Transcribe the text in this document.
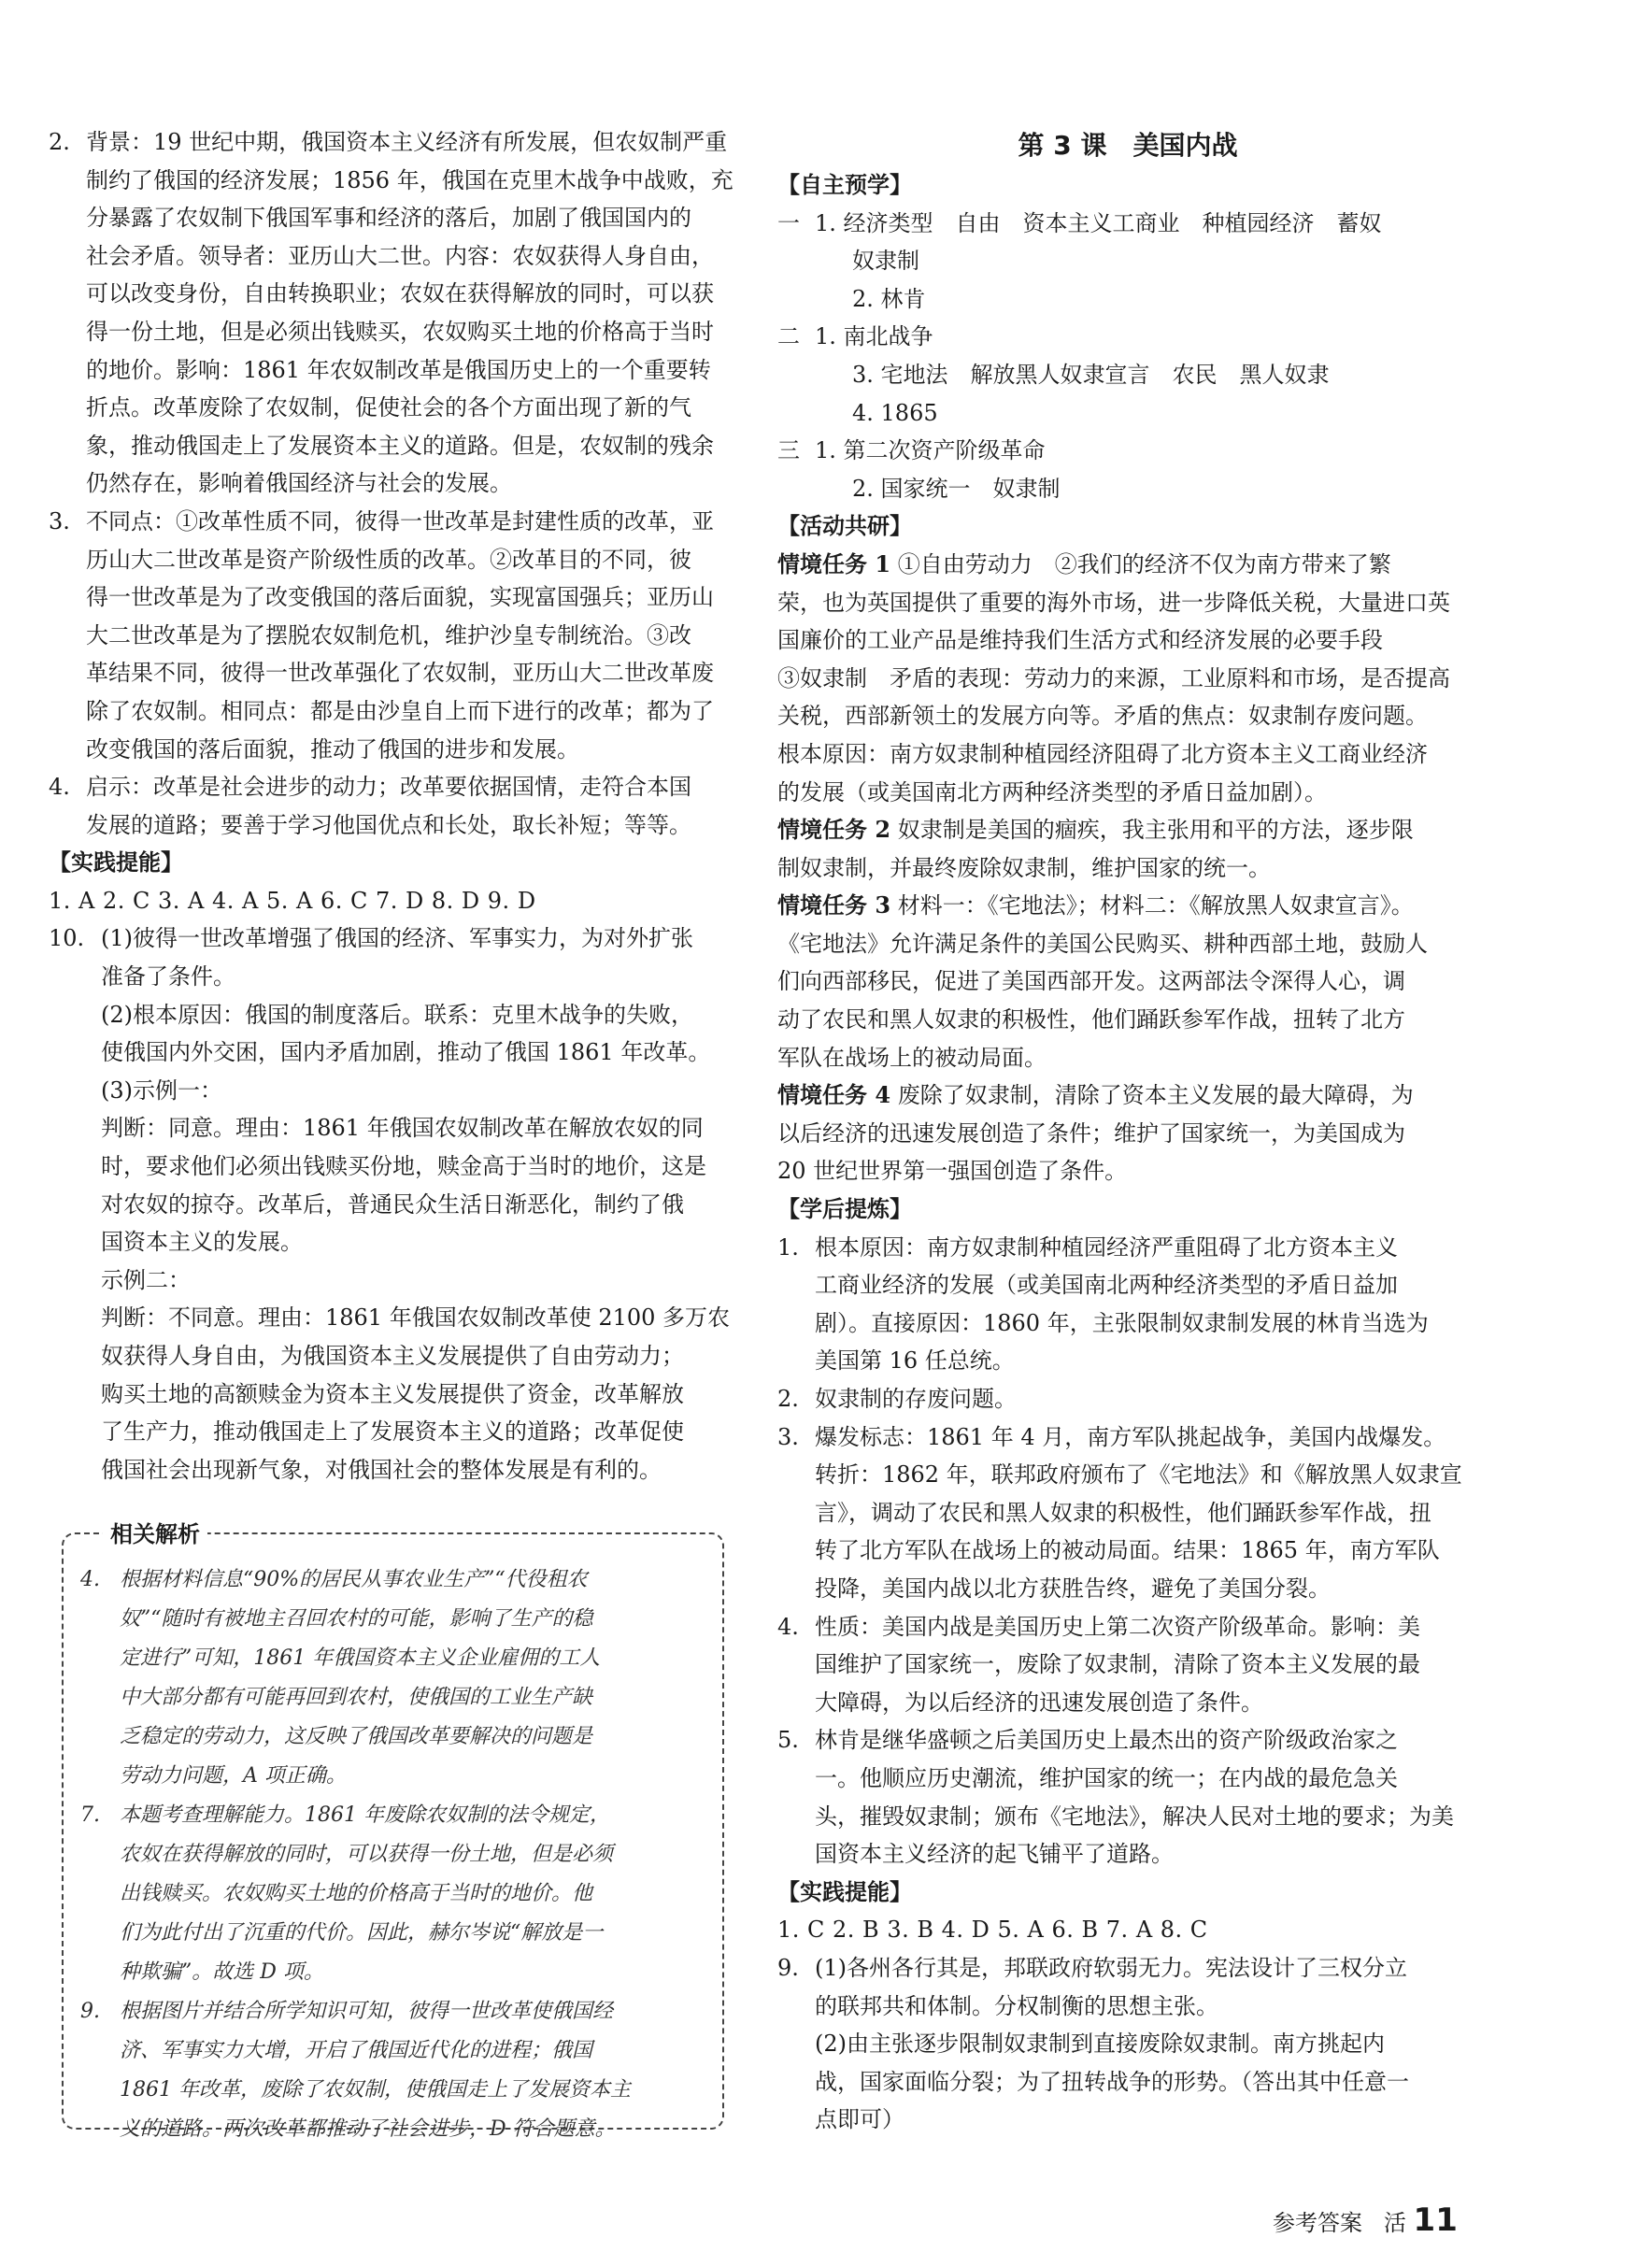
2. 背景：19 世纪中期，俄国资本主义经济有所发展，但农奴制严重

制约了俄国的经济发展；1856 年，俄国在克里木战争中战败，充

分暴露了农奴制下俄国军事和经济的落后，加剧了俄国国内的

社会矛盾。领导者：亚历山大二世。内容：农奴获得人身自由，

可以改变身份，自由转换职业；农奴在获得解放的同时，可以获

得一份土地，但是必须出钱赎买，农奴购买土地的价格高于当时

的地价。影响：1861 年农奴制改革是俄国历史上的一个重要转

折点。改革废除了农奴制，促使社会的各个方面出现了新的气

象，推动俄国走上了发展资本主义的道路。但是，农奴制的残余

仍然存在，影响着俄国经济与社会的发展。

3. 不同点：①改革性质不同，彼得一世改革是封建性质的改革，亚

历山大二世改革是资产阶级性质的改革。②改革目的不同，彼

得一世改革是为了改变俄国的落后面貌，实现富国强兵；亚历山

大二世改革是为了摆脱农奴制危机，维护沙皇专制统治。③改

革结果不同，彼得一世改革强化了农奴制，亚历山大二世改革废

除了农奴制。相同点：都是由沙皇自上而下进行的改革；都为了

改变俄国的落后面貌，推动了俄国的进步和发展。

4. 启示：改革是社会进步的动力；改革要依据国情，走符合本国

发展的道路；要善于学习他国优点和长处，取长补短；等等。

【实践提能】

1. A 2. C 3. A 4. A 5. A 6. C 7. D 8. D 9. D

10. (1)彼得一世改革增强了俄国的经济、军事实力，为对外扩张

准备了条件。

(2)根本原因：俄国的制度落后。联系：克里木战争的失败，

使俄国内外交困，国内矛盾加剧，推动了俄国 1861 年改革。

(3)示例一：

判断：同意。理由：1861 年俄国农奴制改革在解放农奴的同

时，要求他们必须出钱赎买份地，赎金高于当时的地价，这是

对农奴的掠夺。改革后，普通民众生活日渐恶化，制约了俄

国资本主义的发展。

示例二：

判断：不同意。理由：1861 年俄国农奴制改革使 2100 多万农

奴获得人身自由，为俄国资本主义发展提供了自由劳动力；

购买土地的高额赎金为资本主义发展提供了资金，改革解放

了生产力，推动俄国走上了发展资本主义的道路；改革促使

俄国社会出现新气象，对俄国社会的整体发展是有利的。

相关解析
4. 根据材料信息“90%的居民从事农业生产”“代役租农

奴”“随时有被地主召回农村的可能，影响了生产的稳

定进行”可知，1861 年俄国资本主义企业雇佣的工人

中大部分都有可能再回到农村，使俄国的工业生产缺

乏稳定的劳动力，这反映了俄国改革要解决的问题是

劳动力问题，A 项正确。

7. 本题考查理解能力。1861 年废除农奴制的法令规定，

农奴在获得解放的同时，可以获得一份土地，但是必须

出钱赎买。农奴购买土地的价格高于当时的地价。他

们为此付出了沉重的代价。因此，赫尔岑说“解放是一

种欺骗”。故选 D 项。

9. 根据图片并结合所学知识可知，彼得一世改革使俄国经

济、军事实力大增，开启了俄国近代化的进程；俄国

1861 年改革，废除了农奴制，使俄国走上了发展资本主

义的道路。两次改革都推动了社会进步，D 符合题意。

第 3 课　美国内战

【自主预学】

一 1. 经济类型　自由　资本主义工商业　种植园经济　蓄奴

奴隶制

2. 林肯

二 1. 南北战争

3. 宅地法　解放黑人奴隶宣言　农民　黑人奴隶

4. 1865

三 1. 第二次资产阶级革命

2. 国家统一　奴隶制

【活动共研】

情境任务 1 ①自由劳动力　②我们的经济不仅为南方带来了繁

荣，也为英国提供了重要的海外市场，进一步降低关税，大量进口英

国廉价的工业产品是维持我们生活方式和经济发展的必要手段

③奴隶制　矛盾的表现：劳动力的来源，工业原料和市场，是否提高

关税，西部新领土的发展方向等。矛盾的焦点：奴隶制存废问题。

根本原因：南方奴隶制种植园经济阻碍了北方资本主义工商业经济

的发展（或美国南北方两种经济类型的矛盾日益加剧）。

情境任务 2 奴隶制是美国的痼疾，我主张用和平的方法，逐步限

制奴隶制，并最终废除奴隶制，维护国家的统一。

情境任务 3 材料一：《宅地法》；材料二：《解放黑人奴隶宣言》。

《宅地法》允许满足条件的美国公民购买、耕种西部土地，鼓励人

们向西部移民，促进了美国西部开发。这两部法令深得人心，调

动了农民和黑人奴隶的积极性，他们踊跃参军作战，扭转了北方

军队在战场上的被动局面。

情境任务 4 废除了奴隶制，清除了资本主义发展的最大障碍，为

以后经济的迅速发展创造了条件；维护了国家统一，为美国成为

20 世纪世界第一强国创造了条件。

【学后提炼】

1. 根本原因：南方奴隶制种植园经济严重阻碍了北方资本主义

工商业经济的发展（或美国南北两种经济类型的矛盾日益加

剧）。直接原因：1860 年，主张限制奴隶制发展的林肯当选为

美国第 16 任总统。

2. 奴隶制的存废问题。

3. 爆发标志：1861 年 4 月，南方军队挑起战争，美国内战爆发。

转折：1862 年，联邦政府颁布了《宅地法》和《解放黑人奴隶宣

言》，调动了农民和黑人奴隶的积极性，他们踊跃参军作战，扭

转了北方军队在战场上的被动局面。结果：1865 年，南方军队

投降，美国内战以北方获胜告终，避免了美国分裂。

4. 性质：美国内战是美国历史上第二次资产阶级革命。影响：美

国维护了国家统一，废除了奴隶制，清除了资本主义发展的最

大障碍，为以后经济的迅速发展创造了条件。

5. 林肯是继华盛顿之后美国历史上最杰出的资产阶级政治家之

一。他顺应历史潮流，维护国家的统一；在内战的最危急关

头，摧毁奴隶制；颁布《宅地法》，解决人民对土地的要求；为美

国资本主义经济的起飞铺平了道路。

【实践提能】

1. C 2. B 3. B 4. D 5. A 6. B 7. A 8. C

9. (1)各州各行其是，邦联政府软弱无力。宪法设计了三权分立

的联邦共和体制。分权制衡的思想主张。

(2)由主张逐步限制奴隶制到直接废除奴隶制。南方挑起内

战，国家面临分裂；为了扭转战争的形势。（答出其中任意一

点即可）

参考答案 活 11
